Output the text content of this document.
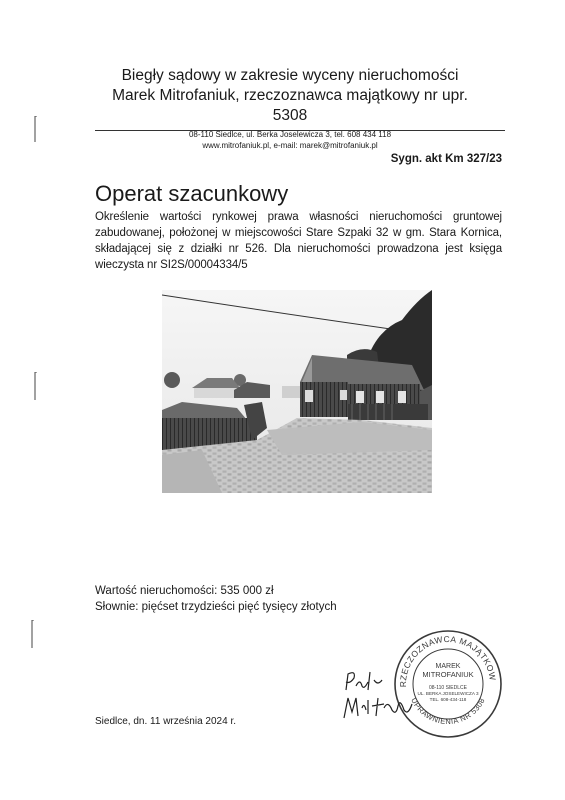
Biegły sądowy w zakresie wyceny nieruchomości
Marek Mitrofaniuk, rzeczoznawca majątkowy nr upr. 5308
08-110 Siedlce, ul. Berka Joselewicza 3, tel. 608 434 118
www.mitrofaniuk.pl, e-mail: marek@mitrofaniuk.pl
Sygn. akt Km 327/23
Operat szacunkowy
Określenie wartości rynkowej prawa własności nieruchomości gruntowej zabudowanej, położonej w miejscowości Stare Szpaki 32 w gm. Stara Kornica, składającej się z działki nr 526. Dla nieruchomości prowadzona jest księga wieczysta nr SI2S/00004334/5
Wartość nieruchomości: 535 000 zł
Słownie: pięćset trzydzieści pięć tysięcy złotych
RZECZOZNAWCA MAJĄTKOW
UPRAWNIENIA NR 5308
MAREK
MITROFANIUK
08-110 SIEDLCE
UL. BERKA JOSELEWICZA 3
TEL. 608-434-118
Siedlce, dn. 11 września 2024 r.
